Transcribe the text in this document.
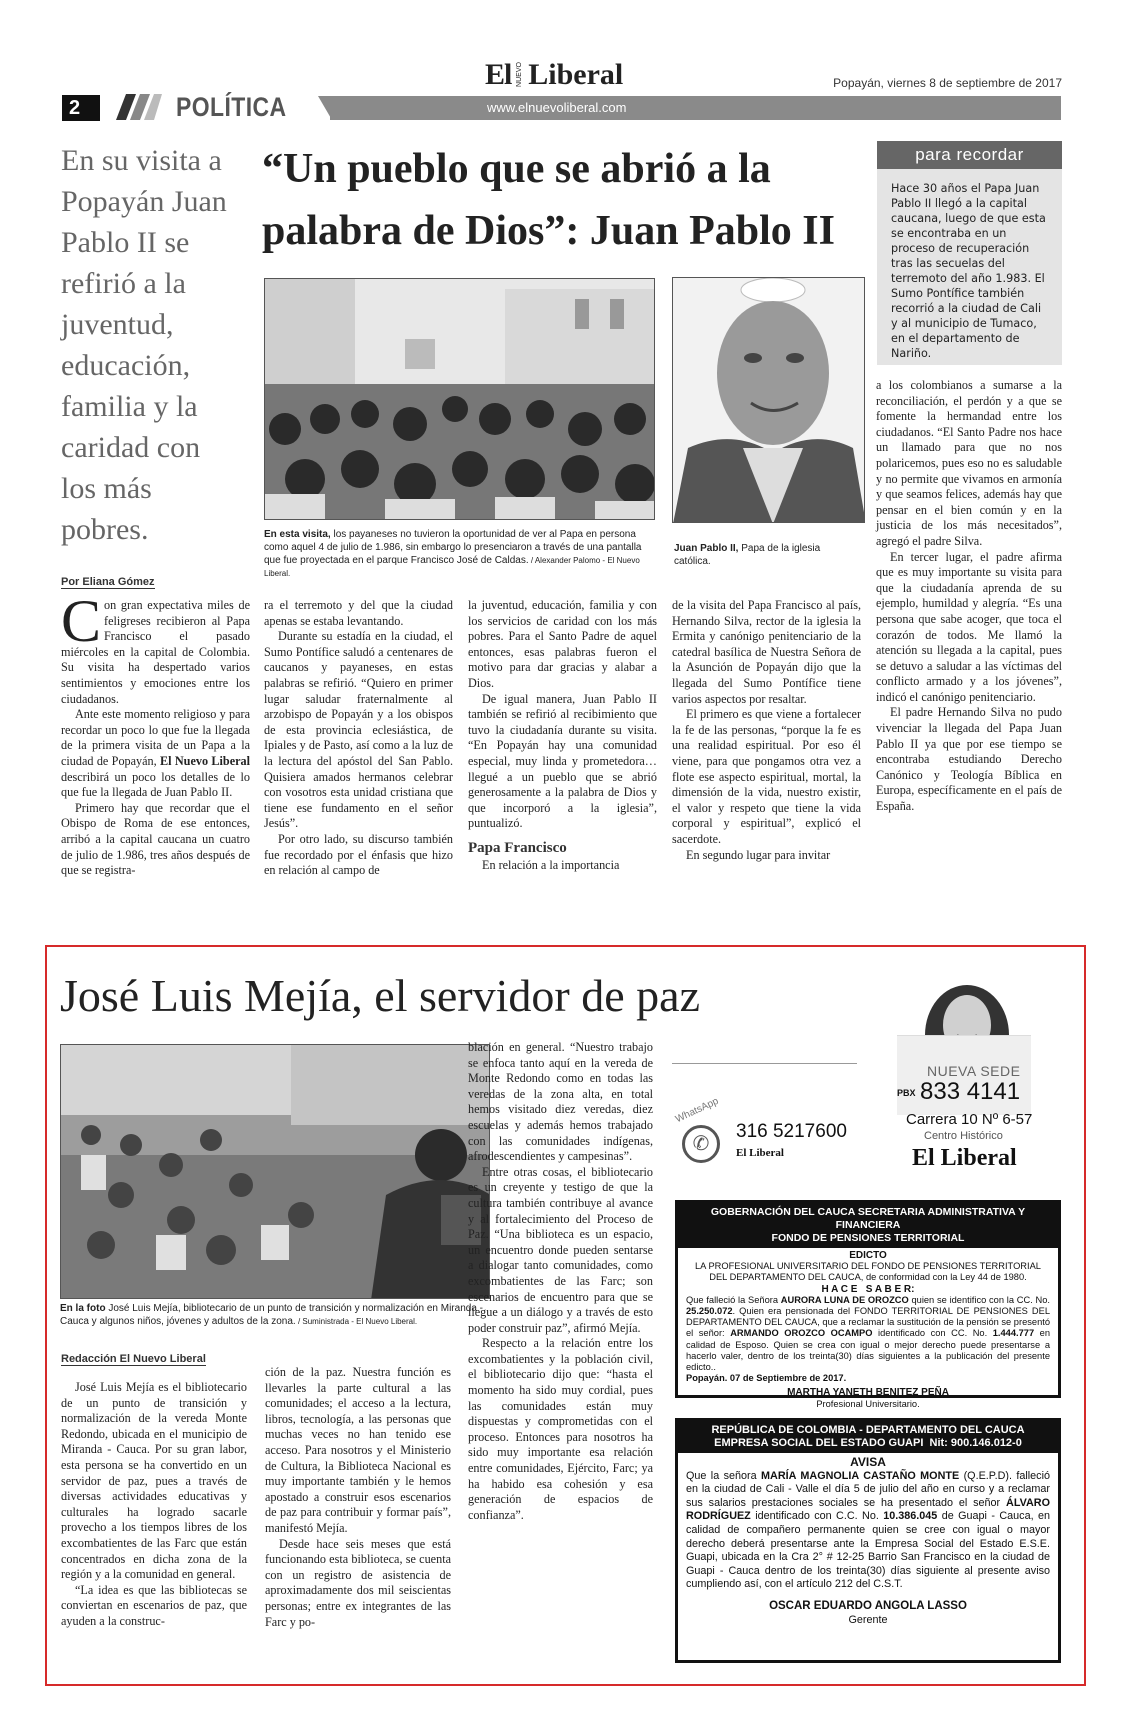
2	POLÍTICA	www.elnuevoliberal.com
El NUEVO Liberal	Popayán, viernes 8 de septiembre de 2017
En su visita a Popayán Juan Pablo II se refirió a la juventud, educación, familia y la caridad con los más pobres.
“Un pueblo que se abrió a la palabra de Dios”: Juan Pablo II
para recordar
Hace 30 años el Papa Juan Pablo II llegó a la capital caucana, luego de que esta se encontraba en un proceso de recuperación tras las secuelas del terremoto del año 1.983. El Sumo Pontífice también recorrió a la ciudad de Cali y al municipio de Tumaco, en el departamento de Nariño.
En esta visita, los payaneses no tuvieron la oportunidad de ver al Papa en persona como aquel 4 de julio de 1.986, sin embargo lo presenciaron a través de una pantalla que fue proyectada en el parque Francisco José de Caldas. / Alexander Palomo - El Nuevo Liberal.
Juan Pablo II, Papa de la iglesia católica.
Por Eliana Gómez

Con gran expectativa miles de feligreses recibieron al Papa Francisco el pasado miércoles en la capital de Colombia. Su visita ha despertado varios sentimientos y emociones entre los ciudadanos.

Ante este momento religioso y para recordar un poco lo que fue la llegada de la primera visita de un Papa a la ciudad de Popayán, El Nuevo Liberal describirá un poco los detalles de lo que fue la llegada de Juan Pablo II.

Primero hay que recordar que el Obispo de Roma de ese entonces, arribó a la capital caucana un cuatro de julio de 1.986, tres años después de que se registra-

ra el terremoto y del que la ciudad apenas se estaba levantando.

Durante su estadía en la ciudad, el Sumo Pontífice saludó a centenares de caucanos y payaneses, en estas palabras se refirió. “Quiero en primer lugar saludar fraternalmente al arzobispo de Popayán y a los obispos de esta provincia eclesiástica, de Ipiales y de Pasto, así como a la luz de la lectura del apóstol del San Pablo. Quisiera amados hermanos celebrar con vosotros esta unidad cristiana que tiene ese fundamento en el señor Jesús”.

Por otro lado, su discurso también fue recordado por el énfasis que hizo en relación al campo de

la juventud, educación, familia y con los servicios de caridad con los más pobres. Para el Santo Padre de aquel entonces, esas palabras fueron el motivo para dar gracias y alabar a Dios.

De igual manera, Juan Pablo II también se refirió al recibimiento que tuvo la ciudadanía durante su visita. “En Popayán hay una comunidad especial, muy linda y prometedora…llegué a un pueblo que se abrió generosamente a la palabra de Dios y que incorporó a la iglesia”, puntualizó.

Papa Francisco

En relación a la importancia

de la visita del Papa Francisco al país, Hernando Silva, rector de la iglesia la Ermita y canónigo penitenciario de la catedral basílica de Nuestra Señora de la Asunción de Popayán dijo que la llegada del Sumo Pontífice tiene varios aspectos por resaltar.

El primero es que viene a fortalecer la fe de las personas, “porque la fe es una realidad espiritual. Por eso él viene, para que pongamos otra vez a flote ese aspecto espiritual, mortal, la dimensión de la vida, nuestro existir, el valor y respeto que tiene la vida corporal y espiritual”, explicó el sacerdote.

En segundo lugar para invitar

a los colombianos a sumarse a la reconciliación, el perdón y a que se fomente la hermandad entre los ciudadanos. “El Santo Padre nos hace un llamado para que no nos polaricemos, pues eso no es saludable y no permite que vivamos en armonía y que seamos felices, además hay que pensar en el bien común y en la justicia de los más necesitados”, agregó el padre Silva.

En tercer lugar, el padre afirma que es muy importante su visita para que la ciudadanía aprenda de su ejemplo, humildad y alegría. “Es una persona que sabe acoger, que toca el corazón de todos. Me llamó la atención su llegada a la capital, pues se detuvo a saludar a las víctimas del conflicto armado y a los jóvenes”, indicó el canónigo penitenciario.

El padre Hernando Silva no pudo vivenciar la llegada del Papa Juan Pablo II ya que por ese tiempo se encontraba estudiando Derecho Canónico y Teología Bíblica en Europa, específicamente en el país de España.

José Luis Mejía, el servidor de paz
En la foto José Luis Mejía, bibliotecario de un punto de transición y normalización en Miranda - Cauca y algunos niños, jóvenes y adultos de la zona. / Suministrada - El Nuevo Liberal.
Redacción El Nuevo Liberal

José Luis Mejía es el bibliotecario de un punto de transición y normalización de la vereda Monte Redondo, ubicada en el municipio de Miranda - Cauca. Por su gran labor, esta persona se ha convertido en un servidor de paz, pues a través de diversas actividades educativas y culturales ha logrado sacarle provecho a los tiempos libres de los excombatientes de las Farc que están concentrados en dicha zona de la región y a la comunidad en general.

“La idea es que las bibliotecas se conviertan en escenarios de paz, que ayuden a la construc-

ción de la paz. Nuestra función es llevarles la parte cultural a las comunidades; el acceso a la lectura, libros, tecnología, a las personas que muchas veces no han tenido ese acceso. Para nosotros y el Ministerio de Cultura, la Biblioteca Nacional es muy importante también y le hemos apostado a construir esos escenarios de paz para contribuir y formar país”, manifestó Mejía.

Desde hace seis meses que está funcionando esta biblioteca, se cuenta con un registro de asistencia de aproximadamente dos mil seiscientas personas; entre ex integrantes de las Farc y po-

blación en general. “Nuestro trabajo se enfoca tanto aquí en la vereda de Monte Redondo como en todas las veredas de la zona alta, en total hemos visitado diez veredas, diez escuelas y además hemos trabajado con las comunidades indígenas, afrodescendientes y campesinas”.

Entre otras cosas, el bibliotecario es un creyente y testigo de que la cultura también contribuye al avance y al fortalecimiento del Proceso de Paz. “Una biblioteca es un espacio, un encuentro donde pueden sentarse a dialogar tanto comunidades, como excombatientes de las Farc; son escenarios de encuentro para que se llegue a un diálogo y a través de esto poder construir paz”, afirmó Mejía.

Respecto a la relación entre los excombatientes y la población civil, el bibliotecario dijo que: “hasta el momento ha sido muy cordial, pues las comunidades están muy dispuestas y comprometidas con el proceso. Entonces para nosotros ha sido muy importante esa relación entre comunidades, Ejército, Farc; ya ha habido esa cohesión y esa generación de espacios de confianza”.

WhatsApp
✆
316 5217600
El Liberal
NUEVA SEDE
PBX 833 4141
Carrera 10 Nº 6-57
Centro Histórico
El Liberal
GOBERNACIÓN DEL CAUCA SECRETARIA ADMINISTRATIVA Y FINANCIERA
FONDO DE PENSIONES TERRITORIAL
EDICTO
LA PROFESIONAL UNIVERSITARIO DEL FONDO DE PENSIONES TERRITORIAL DEL DEPARTAMENTO DEL CAUCA, de conformidad con la Ley 44 de 1980.
H A C E   S A B E R:
Que falleció la Señora AURORA LUNA DE OROZCO quien se identifico con la CC. No. 25.250.072. Quien era pensionada del FONDO TERRITORIAL DE PENSIONES DEL DEPARTAMENTO DEL CAUCA, que a reclamar la sustitución de la pensión se presentó el señor: ARMANDO OROZCO OCAMPO identificado con CC. No. 1.444.777 en calidad de Esposo. Quien se crea con igual o mejor derecho puede presentarse a hacerlo valer, dentro de los treinta(30) días siguientes a la publicación del presente edicto..
Popayán. 07 de Septiembre de 2017.
MARTHA YANETH BENITEZ PEÑA
Profesional Universitario.
REPÚBLICA DE COLOMBIA - DEPARTAMENTO DEL CAUCA
EMPRESA SOCIAL DEL ESTADO GUAPI  Nit: 900.146.012-0
AVISA
Que la señora MARÍA MAGNOLIA CASTAÑO MONTE (Q.E.P.D). falleció en la ciudad de Cali - Valle el día 5 de julio del año en curso y a reclamar sus salarios prestaciones sociales se ha presentado el señor ÁLVARO RODRÍGUEZ identificado con C.C. No. 10.386.045 de Guapi - Cauca, en calidad de compañero permanente quien se cree con igual o mayor derecho deberá presentarse ante la Empresa Social del Estado E.S.E. Guapi, ubicada en la Cra 2° # 12-25 Barrio San Francisco en la ciudad de Guapi - Cauca dentro de los treinta(30) días siguiente al presente aviso cumpliendo así, con el artículo 212 del C.S.T.
OSCAR EDUARDO ANGOLA LASSO
Gerente
